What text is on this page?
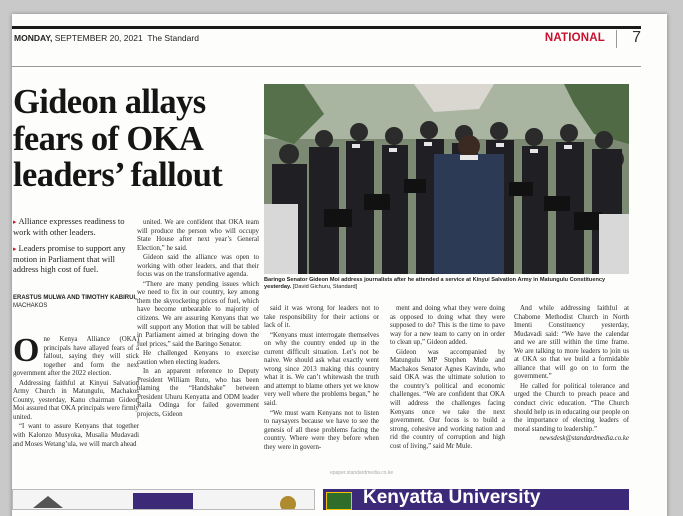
MONDAY, SEPTEMBER 20, 2021 The Standard	NATIONAL 7
Gideon allays fears of OKA leaders’ fallout

▸ Alliance expresses readiness to work with other leaders.

▸ Leaders promise to support any motion in Parliament that will address high cost of fuel.

ERASTUS MULWA AND TIMOTHY KABIRUI, MACHAKOS

One Kenya Alliance (OKA) principals have allayed fears of a fallout, saying they will stick together and form the next government after the 2022 election.

Addressing faithful at Kinyui Salvation Army Church in Matungulu, Machakos County, yesterday, Kanu chairman Gideon Moi assured that OKA principals were firmly united.

“I want to assure Kenyans that together with Kalonzo Musyoka, Musalia Mudavadi and Moses Wetang’ula, we will march ahead

united. We are confident that OKA team will produce the person who will occupy State House after next year’s General Election,” he said.

Gideon said the alliance was open to working with other leaders, and that their focus was on the transformative agenda.

“There are many pending issues which we need to fix in our country, key among them the skyrocketing prices of fuel, which have become unbearable to majority of citizens. We are assuring Kenyans that we will support any Motion that will be tabled in Parliament aimed at bringing down the fuel prices,” said the Baringo Senator.

He challenged Kenyans to exercise caution when electing leaders.

In an apparent reference to Deputy President William Ruto, who has been blaming the “Handshake” between President Uhuru Kenyatta and ODM leader Raila Odinga for failed government projects, Gideon

Baringo Senator Gideon Moi address journalists after he attended a service at Kinyui Salvation Army in Matungulu Constituency yesterday. [David Gichuru, Standard]

said it was wrong for leaders not to take responsibility for their actions or lack of it.

“Kenyans must interrogate themselves on why the country ended up in the current difficult situation. Let’s not be naive. We should ask what exactly went wrong since 2013 making this country what it is. We can’t whitewash the truth and attempt to blame others yet we know very well where the problems began,” he said.

“We must warn Kenyans not to listen to naysayers because we have to see the genesis of all these problems facing the country. Where were they before when they were in govern-

ment and doing what they were doing as opposed to doing what they were supposed to do? This is the time to pave way for a new team to carry on in order to clean up,” Gideon added.

Gideon was accompanied by Matungulu MP Stephen Mule and Machakos Senator Agnes Kavindu, who said OKA was the ultimate solution to the country’s political and economic challenges. “We are confident that OKA will address the challenges facing Kenyans once we take the next government. Our focus is to build a strong, cohesive and working nation and rid the country of corruption and high cost of living,” said Mr Mule.

And while addressing faithful at Chabome Methodist Church in North Imenti Constituency yesterday, Mudavadi said: “We have the calendar and we are still within the time frame. We are talking to more leaders to join us at OKA so that we build a formidable alliance that will go on to form the government.”

He called for political tolerance and urged the Church to preach peace and conduct civic education. “The Church should help us in educating our people on the importance of electing leaders of moral standing to leadership.”

newsdesk@standardmedia.co.ke

epaper.standardmedia.co.ke
Kenyatta University
